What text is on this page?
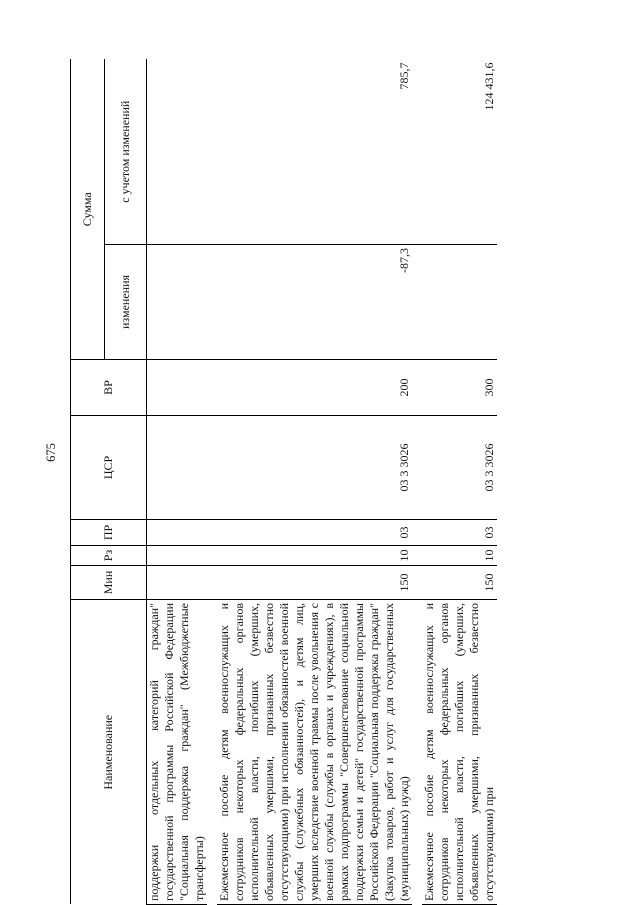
675
Наименование	Мин	Рз	ПР	ЦСР	ВР	Сумма	
						изменения	с учетом изменений
поддержки отдельных категорий граждан" государственной программы Российской Федерации "Социальная поддержка граждан" (Межбюджетные трансферты)							

Ежемесячное пособие детям военнослужащих и сотрудников некоторых федеральных органов исполнительной власти, погибших (умерших, объявленных умершими, признанных безвестно отсутствующими) при исполнении обязанностей военной службы (служебных обязанностей), и детям лиц, умерших вследствие военной травмы после увольнения с военной службы (службы в органах и учреждениях), в рамках подпрограммы "Совершенствование социальной поддержки семьи и детей" государственной программы Российской Федерации "Социальная поддержка граждан" (Закупка товаров, работ и услуг для государственных (муниципальных) нужд)	150	10	03	03 3 3026	200	-87,3	785,7

Ежемесячное пособие детям военнослужащих и сотрудников некоторых федеральных органов исполнительной власти, погибших (умерших, объявленных умершими, признанных безвестно отсутствующими) при	150	10	03	03 3 3026	300		124 431,6
